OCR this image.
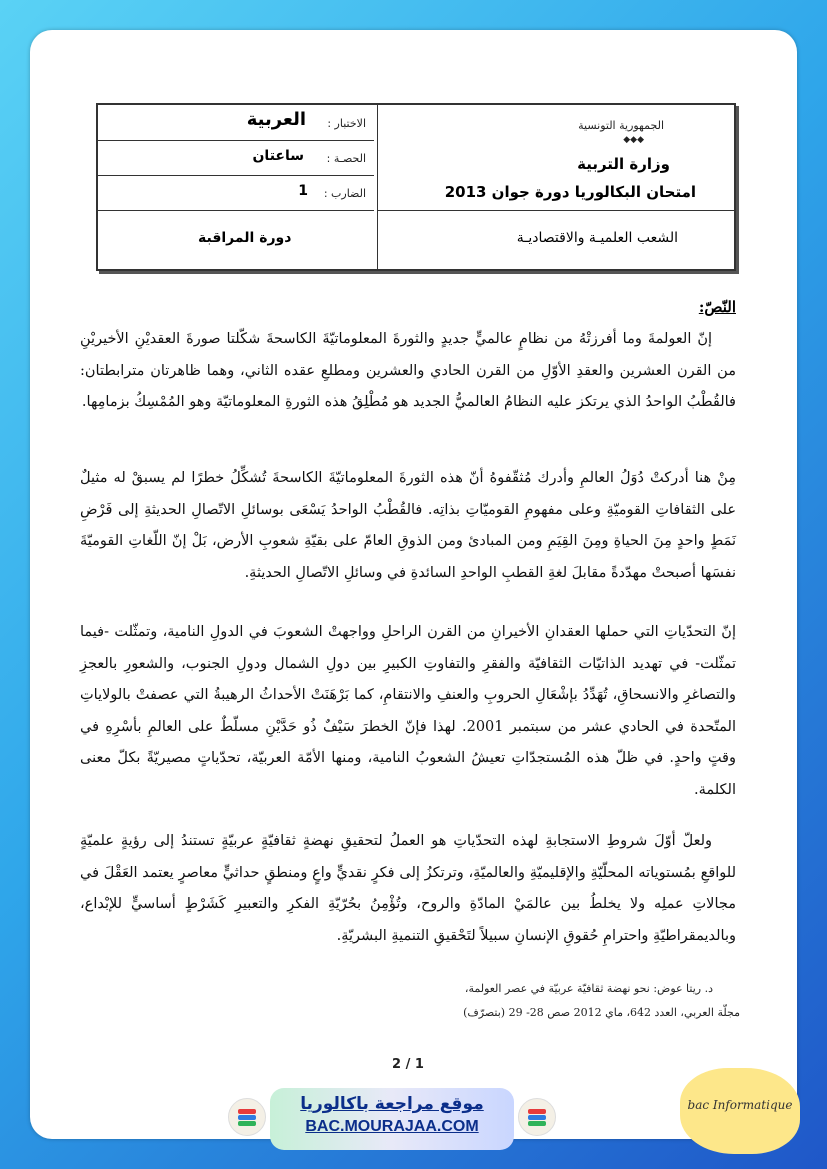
الجمهورية التونسية
◆◆◆
وزارة التربية
امتحان البكالوريا دورة جوان 2013
الشعب العلميـة والاقتصاديـة
الاختبار :
العربية
الحصـة :
ساعتان
الضارب :
1
دورة المراقبة
النّصّ:
إنّ العولمةَ وما أفرزتْهُ من نظامٍ عالميٍّ جديدٍ والثورةَ المعلوماتيّةَ الكاسحةَ شكّلتا صورةَ العقديْنِ الأخيريْنِ من القرن العشرين والعقدِ الأوّلِ من القرن الحادي والعشرين ومطلعِ عقده الثاني، وهما ظاهرتان مترابطتان: فالقُطْبُ الواحدُ الذي يرتكز عليه النظامُ العالميُّ الجديد هو مُطْلِقُ هذه الثورةِ المعلوماتيّة وهو المُمْسِكُ بزمامِها.
مِنْ هنا أدركتْ دُوَلُ العالمِ وأدرك مُثقّفوهُ أنّ هذه الثورةَ المعلوماتيّةَ الكاسحةَ تُشكِّلُ خطرًا لم يسبقْ له مثيلٌ على الثقافاتِ القوميّةِ وعلى مفهومِ القوميّاتِ بذاتِه. فالقُطْبُ الواحدُ يَسْعَى بوسائلِ الاتّصالِ الحديثةِ إلى فَرْضِ نَمَطٍ واحدٍ مِنَ الحياةِ ومِنَ القِيَمِ ومن المبادئ ومن الذوقِ العامّ على بقيّةِ شعوبِ الأرض، بَلْ إنّ اللّغاتِ القوميّةَ نفسَها أصبحتْ مهدّدةً مقابلَ لغةِ القطبِ الواحدِ السائدةِ في وسائلِ الاتّصالِ الحديثةِ.
إنّ التحدّياتِ التي حملها العقدانِ الأخيرانِ من القرن الراحلِ وواجهتْ الشعوبَ في الدولِ النامية، وتمثّلت -فيما تمثّلت- في تهديد الذاتيّات الثقافيّة والفقرِ والتفاوتِ الكبيرِ بين دولِ الشمال ودولِ الجنوب، والشعورِ بالعجزِ والتصاغرِ والانسحاقِ، تُهَدِّدُ بإشْعَالِ الحروبِ والعنفِ والانتقامِ، كما بَرْهَنَتْ الأحداثُ الرهيبةُ التي عصفتْ بالولاياتِ المتّحدة في الحادي عشر من سبتمبر 2001. لهذا فإنّ الخطرَ سَيْفٌ ذُو حَدَّيْنِ مسلّطٌ على العالمِ بأسْرِهِ في وقتٍ واحدٍ. في ظلّ هذه المُستجدّاتِ تعيشُ الشعوبُ النامية، ومنها الأمّة العربيّة، تحدّياتٍ مصيريّةً بكلّ معنى الكلمة.
ولعلّ أوّلَ شروطِ الاستجابةِ لهذه التحدّياتِ هو العملُ لتحقيقِ نهضةٍ ثقافيّةٍ عربيّةٍ تستندُ إلى رؤيةٍ علميّةٍ للواقعِ بمُستوياته المحلّيّةِ والإقليميّةِ والعالميّةِ، وترتكزُ إلى فكرٍ نقديٍّ واعٍ ومنطقٍ حداثيٍّ معاصرٍ يعتمد العَقْلَ في مجالاتِ عملِه ولا يخلطُ بين عالمَيْ المادّةِ والروح، وتُؤْمِنُ بحُرّيّةِ الفكرِ والتعبيرِ كَشَرْطٍ أساسيٍّ للإبْداع، وبالديمقراطيّةِ واحترامِ حُقوقِ الإنسانِ سبيلاً لتَحْقيقِ التنميةِ البشريّةِ.
د. ريتا عوض: نحو نهضة ثقافيّة عربيّة في عصر العولمة،
مجلّة العربي، العدد 642، ماي 2012 صص 28- 29 (بتصرّف)
2 / 1
موقع مراجعة باكالوريا
BAC.MOURAJAA.COM
bac Informatique
